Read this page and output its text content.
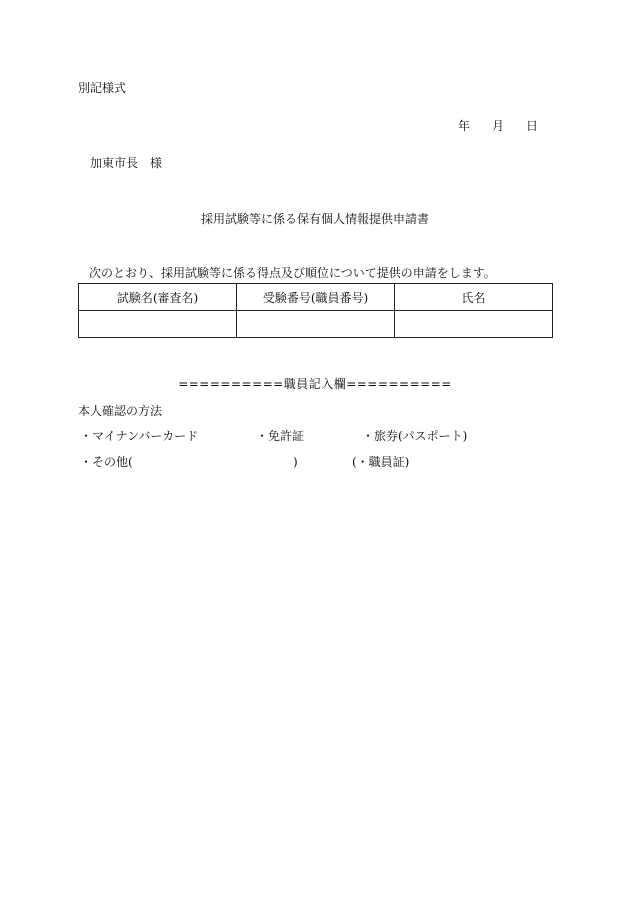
別記様式
年 月 日
加東市長 様
採用試験等に係る保有個人情報提供申請書
次のとおり、採用試験等に係る得点及び順位について提供の申請をします。
試験名(審査名)	受験番号(職員番号)	氏名

==========職員記入欄==========
本人確認の方法
・マイナンバーカード	・免許証	・旅券(パスポート)
・その他(	)	(・職員証)
